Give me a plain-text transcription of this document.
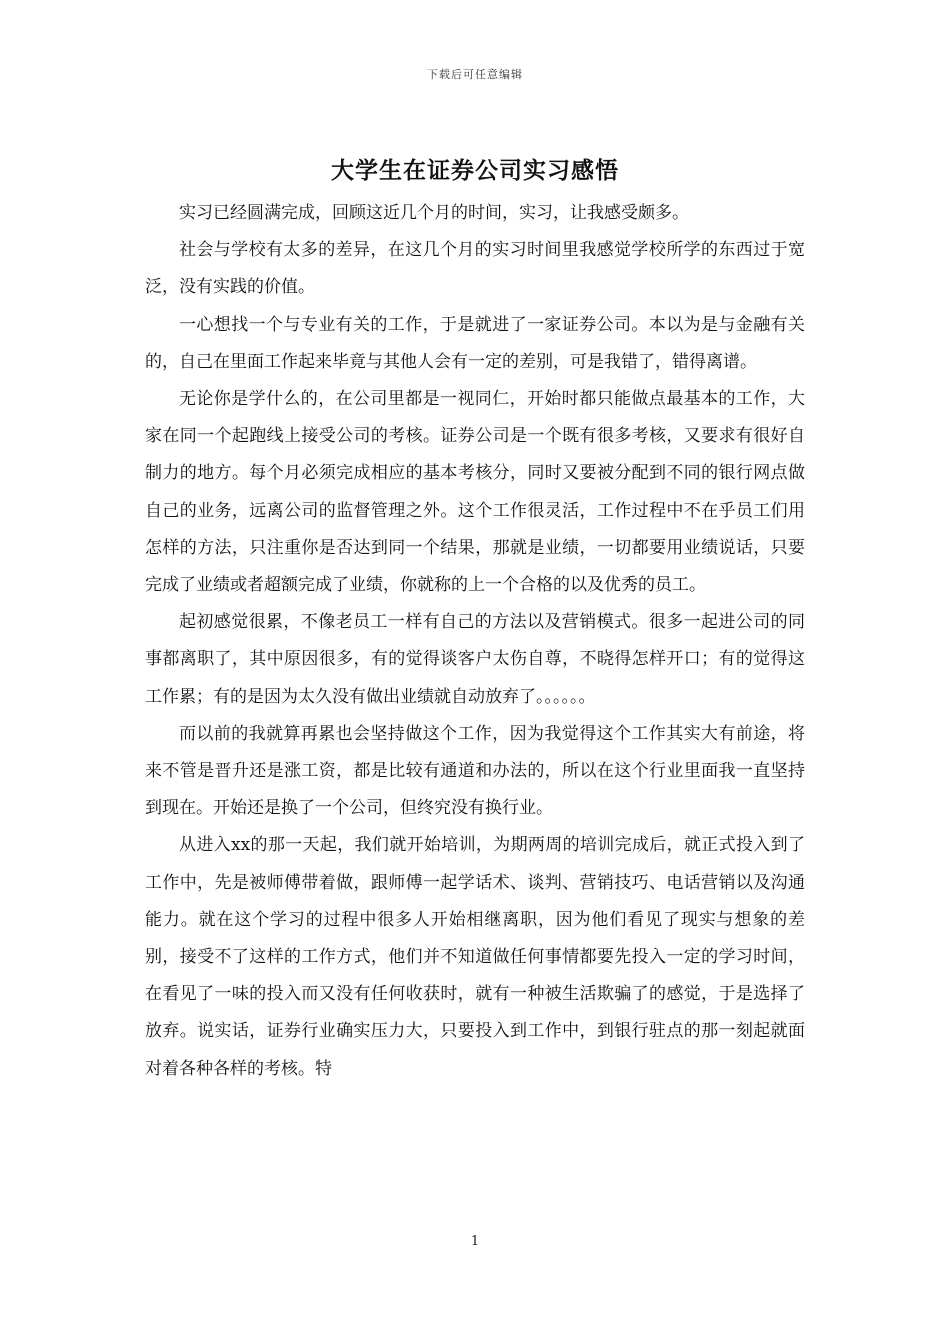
下载后可任意编辑
大学生在证券公司实习感悟

实习已经圆满完成，回顾这近几个月的时间，实习，让我感受颇多。

社会与学校有太多的差异，在这几个月的实习时间里我感觉学校所学的东西过于宽泛，没有实践的价值。

一心想找一个与专业有关的工作，于是就进了一家证券公司。本以为是与金融有关的，自己在里面工作起来毕竟与其他人会有一定的差别，可是我错了，错得离谱。

无论你是学什么的，在公司里都是一视同仁，开始时都只能做点最基本的工作，大家在同一个起跑线上接受公司的考核。证券公司是一个既有很多考核，又要求有很好自制力的地方。每个月必须完成相应的基本考核分，同时又要被分配到不同的银行网点做自己的业务，远离公司的监督管理之外。这个工作很灵活，工作过程中不在乎员工们用怎样的方法，只注重你是否达到同一个结果，那就是业绩，一切都要用业绩说话，只要完成了业绩或者超额完成了业绩，你就称的上一个合格的以及优秀的员工。

起初感觉很累，不像老员工一样有自己的方法以及营销模式。很多一起进公司的同事都离职了，其中原因很多，有的觉得谈客户太伤自尊，不晓得怎样开口；有的觉得这工作累；有的是因为太久没有做出业绩就自动放弃了。。。。。。

而以前的我就算再累也会坚持做这个工作，因为我觉得这个工作其实大有前途，将来不管是晋升还是涨工资，都是比较有通道和办法的，所以在这个行业里面我一直坚持到现在。开始还是换了一个公司，但终究没有换行业。

从进入xx的那一天起，我们就开始培训，为期两周的培训完成后，就正式投入到了工作中，先是被师傅带着做，跟师傅一起学话术、谈判、营销技巧、电话营销以及沟通能力。就在这个学习的过程中很多人开始相继离职，因为他们看见了现实与想象的差别，接受不了这样的工作方式，他们并不知道做任何事情都要先投入一定的学习时间，在看见了一味的投入而又没有任何收获时，就有一种被生活欺骗了的感觉，于是选择了放弃。说实话，证券行业确实压力大，只要投入到工作中，到银行驻点的那一刻起就面对着各种各样的考核。特

1
